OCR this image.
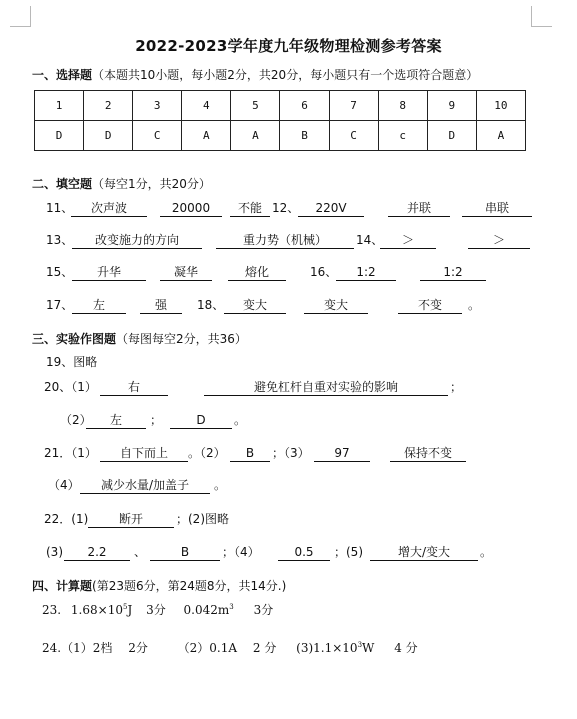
2022-2023学年度九年级物理检测参考答案
一、选择题（本题共10小题，每小题2分，共20分，每小题只有一个选项符合题意）
1	2	3	4	5	6	7	8	9	10
D	D	C	A	A	B	C	c	D	A
二、填空题（每空1分，共20分）
11、	次声波	20000	不能 12、	220V	并联	串联
13、	改变施力的方向	重力势（机械）	14、	＞	＞
15、	升华	凝华	熔化	16、	1:2	1:2
17、	左	强	18、	变大	变大	不变	。
三、实验作图题（每图每空2分，共36）
19、图略
20、（1）	右	避免杠杆自重对实验的影响	；
（2）	左	；	D	。
21．（1）	自下而上	。（2）	B	；（3）	97	保持不变
（4）	减少水量/加盖子	。
22．(1)	断开	；(2)图略
(3)	2.2	、	B	；（4）	0.5	；(5)	增大/变大	。
四、计算题(第23题6分，第24题8分，共14分.)
23. $1.68\times 10^5J$ 3分 $0.042m^3$ 3分
24.（1）2档 2分 （2）0.1A 2 分 $(3)1.1\times 10^3W$ 4 分
